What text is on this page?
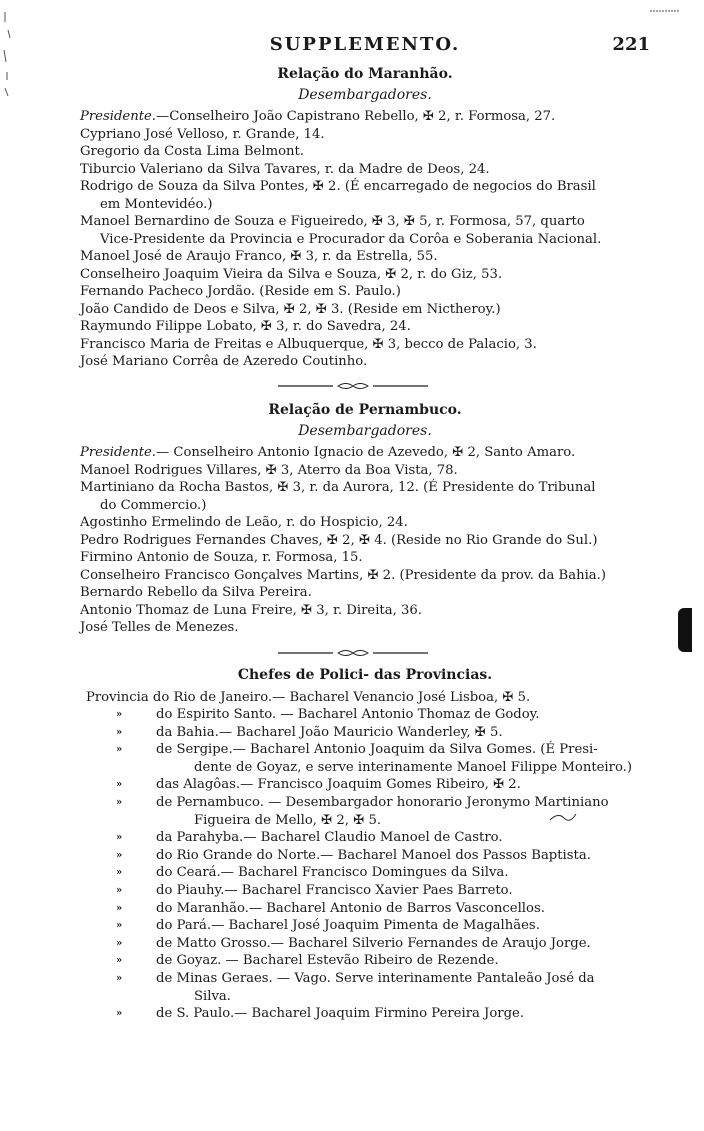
SUPPLEMENTO.	221
Relação do Maranhão.
Desembargadores.
Presidente.—Conselheiro João Capistrano Rebello, ✠ 2, r. Formosa, 27.
Cypriano José Velloso, r. Grande, 14.
Gregorio da Costa Lima Belmont.
Tiburcio Valeriano da Silva Tavares, r. da Madre de Deos, 24.
Rodrigo de Souza da Silva Pontes, ✠ 2. (É encarregado de negocios do Brasil
em Montevidéo.)
Manoel Bernardino de Souza e Figueiredo, ✠ 3, ✠ 5, r. Formosa, 57, quarto
Vice-Presidente da Provincia e Procurador da Corôa e Soberania Nacional.
Manoel José de Araujo Franco, ✠ 3, r. da Estrella, 55.
Conselheiro Joaquim Vieira da Silva e Souza, ✠ 2, r. do Giz, 53.
Fernando Pacheco Jordão. (Reside em S. Paulo.)
João Candido de Deos e Silva, ✠ 2, ✠ 3. (Reside em Nictheroy.)
Raymundo Filippe Lobato, ✠ 3, r. do Savedra, 24.
Francisco Maria de Freitas e Albuquerque, ✠ 3, becco de Palacio, 3.
José Mariano Corrêa de Azeredo Coutinho.
Relação de Pernambuco.
Desembargadores.
Presidente.— Conselheiro Antonio Ignacio de Azevedo, ✠ 2, Santo Amaro.
Manoel Rodrigues Villares, ✠ 3, Aterro da Boa Vista, 78.
Martiniano da Rocha Bastos, ✠ 3, r. da Aurora, 12. (É Presidente do Tribunal
do Commercio.)
Agostinho Ermelindo de Leão, r. do Hospicio, 24.
Pedro Rodrigues Fernandes Chaves, ✠ 2, ✠ 4. (Reside no Rio Grande do Sul.)
Firmino Antonio de Souza, r. Formosa, 15.
Conselheiro Francisco Gonçalves Martins, ✠ 2. (Presidente da prov. da Bahia.)
Bernardo Rebello da Silva Pereira.
Antonio Thomaz de Luna Freire, ✠ 3, r. Direita, 36.
José Telles de Menezes.
Chefes de Polici- das Provincias.
Provincia do Rio de Janeiro.— Bacharel Venancio José Lisboa, ✠ 5.
»	do Espirito Santo. — Bacharel Antonio Thomaz de Godoy.
»	da Bahia.— Bacharel João Mauricio Wanderley, ✠ 5.
»	de Sergipe.— Bacharel Antonio Joaquim da Silva Gomes. (É Presi-
dente de Goyaz, e serve interinamente Manoel Filippe Monteiro.)
»	das Alagôas.— Francisco Joaquim Gomes Ribeiro, ✠ 2.
»	de Pernambuco. — Desembargador honorario Jeronymo Martiniano
Figueira de Mello, ✠ 2, ✠ 5.
»	da Parahyba.— Bacharel Claudio Manoel de Castro.
»	do Rio Grande do Norte.— Bacharel Manoel dos Passos Baptista.
»	do Ceará.— Bacharel Francisco Domingues da Silva.
»	do Piauhy.— Bacharel Francisco Xavier Paes Barreto.
»	do Maranhão.— Bacharel Antonio de Barros Vasconcellos.
»	do Pará.— Bacharel José Joaquim Pimenta de Magalhães.
»	de Matto Grosso.— Bacharel Silverio Fernandes de Araujo Jorge.
»	de Goyaz. — Bacharel Estevão Ribeiro de Rezende.
»	de Minas Geraes. — Vago. Serve interinamente Pantaleão José da
Silva.
»	de S. Paulo.— Bacharel Joaquim Firmino Pereira Jorge.
